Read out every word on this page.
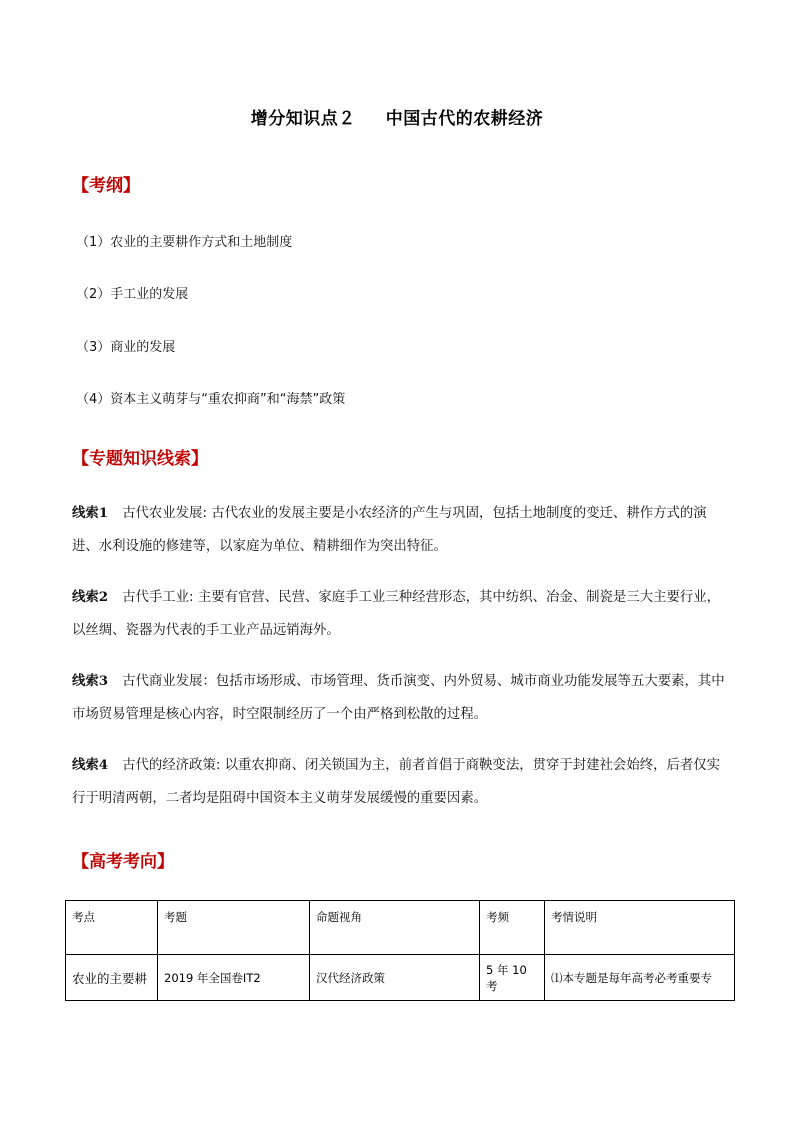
增分知识点２ 中国古代的农耕经济
【考纲】
（1）农业的主要耕作方式和土地制度
（2）手工业的发展
（3）商业的发展
（4）资本主义萌芽与“重农抑商”和“海禁”政策
【专题知识线索】
线索1 古代农业发展: 古代农业的发展主要是小农经济的产生与巩固，包括土地制度的变迁、耕作方式的演进、水利设施的修建等，以家庭为单位、精耕细作为突出特征。
线索2 古代手工业: 主要有官营、民营、家庭手工业三种经营形态，其中纺织、冶金、制瓷是三大主要行业，以丝绸、瓷器为代表的手工业产品远销海外。
线索3 古代商业发展：包括市场形成、市场管理、货币演变、内外贸易、城市商业功能发展等五大要素，其中市场贸易管理是核心内容，时空限制经历了一个由严格到松散的过程。
线索4 古代的经济政策: 以重农抑商、闭关锁国为主，前者首倡于商鞅变法，贯穿于封建社会始终，后者仅实行于明清两朝，二者均是阻碍中国资本主义萌芽发展缓慢的重要因素。
【高考考向】
考点	考题	命题视角	考频	考情说明
农业的主要耕	2019 年全国卷ⅠT2	汉代经济政策	5 年 10 考	⑴本专题是每年高考必考重要专
